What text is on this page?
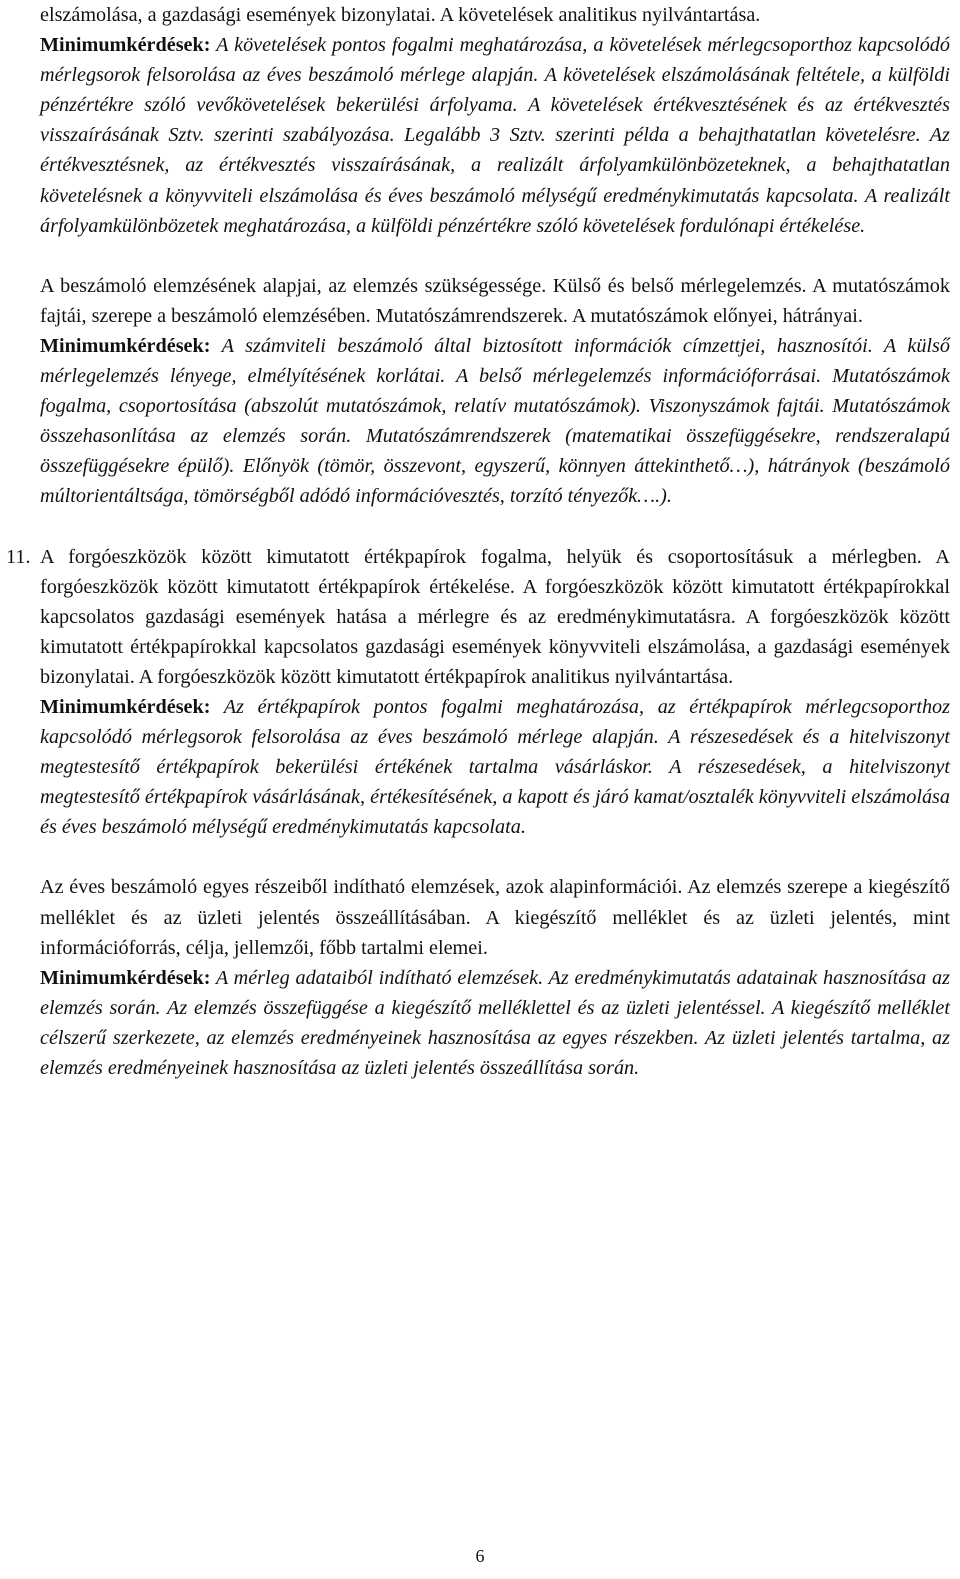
elszámolása, a gazdasági események bizonylatai. A követelések analitikus nyilvántartása.
Minimumkérdések: A követelések pontos fogalmi meghatározása, a követelések mérlegcsoporthoz kapcsolódó mérlegsorok felsorolása az éves beszámoló mérlege alapján. A követelések elszámolásának feltétele, a külföldi pénzértékre szóló vevőkövetelések bekerülési árfolyama. A követelések értékvesztésének és az értékvesztés visszaírásának Sztv. szerinti szabályozása. Legalább 3 Sztv. szerinti példa a behajthatatlan követelésre. Az értékvesztésnek, az értékvesztés visszaírásának, a realizált árfolyamkülönbözeteknek, a behajthatatlan követelésnek a könyvviteli elszámolása és éves beszámoló mélységű eredménykimutatás kapcsolata. A realizált árfolyamkülönbözetek meghatározása, a külföldi pénzértékre szóló követelések fordulónapi értékelése.

A beszámoló elemzésének alapjai, az elemzés szükségessége. Külső és belső mérlegelemzés. A mutatószámok fajtái, szerepe a beszámoló elemzésében. Mutatószámrendszerek. A mutatószámok előnyei, hátrányai.
Minimumkérdések: A számviteli beszámoló által biztosított információk címzettjei, hasznosítói. A külső mérlegelemzés lényege, elmélyítésének korlátai. A belső mérlegelemzés információforrásai. Mutatószámok fogalma, csoportosítása (abszolút mutatószámok, relatív mutatószámok). Viszonyszámok fajtái. Mutatószámok összehasonlítása az elemzés során. Mutatószámrendszerek (matematikai összefüggésekre, rendszeralapú összefüggésekre épülő). Előnyök (tömör, összevont, egyszerű, könnyen áttekinthető…), hátrányok (beszámoló múltorientáltsága, tömörségből adódó információvesztés, torzító tényezők….).

11. A forgóeszközök között kimutatott értékpapírok fogalma, helyük és csoportosításuk a mérlegben. A forgóeszközök között kimutatott értékpapírok értékelése. A forgóeszközök között kimutatott értékpapírokkal kapcsolatos gazdasági események hatása a mérlegre és az eredménykimutatásra. A forgóeszközök között kimutatott értékpapírokkal kapcsolatos gazdasági események könyvviteli elszámolása, a gazdasági események bizonylatai. A forgóeszközök között kimutatott értékpapírok analitikus nyilvántartása.
Minimumkérdések: Az értékpapírok pontos fogalmi meghatározása, az értékpapírok mérlegcsoporthoz kapcsolódó mérlegsorok felsorolása az éves beszámoló mérlege alapján. A részesedések és a hitelviszonyt megtestesítő értékpapírok bekerülési értékének tartalma vásárláskor. A részesedések, a hitelviszonyt megtestesítő értékpapírok vásárlásának, értékesítésének, a kapott és járó kamat/osztalék könyvviteli elszámolása és éves beszámoló mélységű eredménykimutatás kapcsolata.

Az éves beszámoló egyes részeiből indítható elemzések, azok alapinformációi. Az elemzés szerepe a kiegészítő melléklet és az üzleti jelentés összeállításában. A kiegészítő melléklet és az üzleti jelentés, mint információforrás, célja, jellemzői, főbb tartalmi elemei.
Minimumkérdések: A mérleg adataiból indítható elemzések. Az eredménykimutatás adatainak hasznosítása az elemzés során. Az elemzés összefüggése a kiegészítő melléklettel és az üzleti jelentéssel. A kiegészítő melléklet célszerű szerkezete, az elemzés eredményeinek hasznosítása az egyes részekben. Az üzleti jelentés tartalma, az elemzés eredményeinek hasznosítása az üzleti jelentés összeállítása során.

6
